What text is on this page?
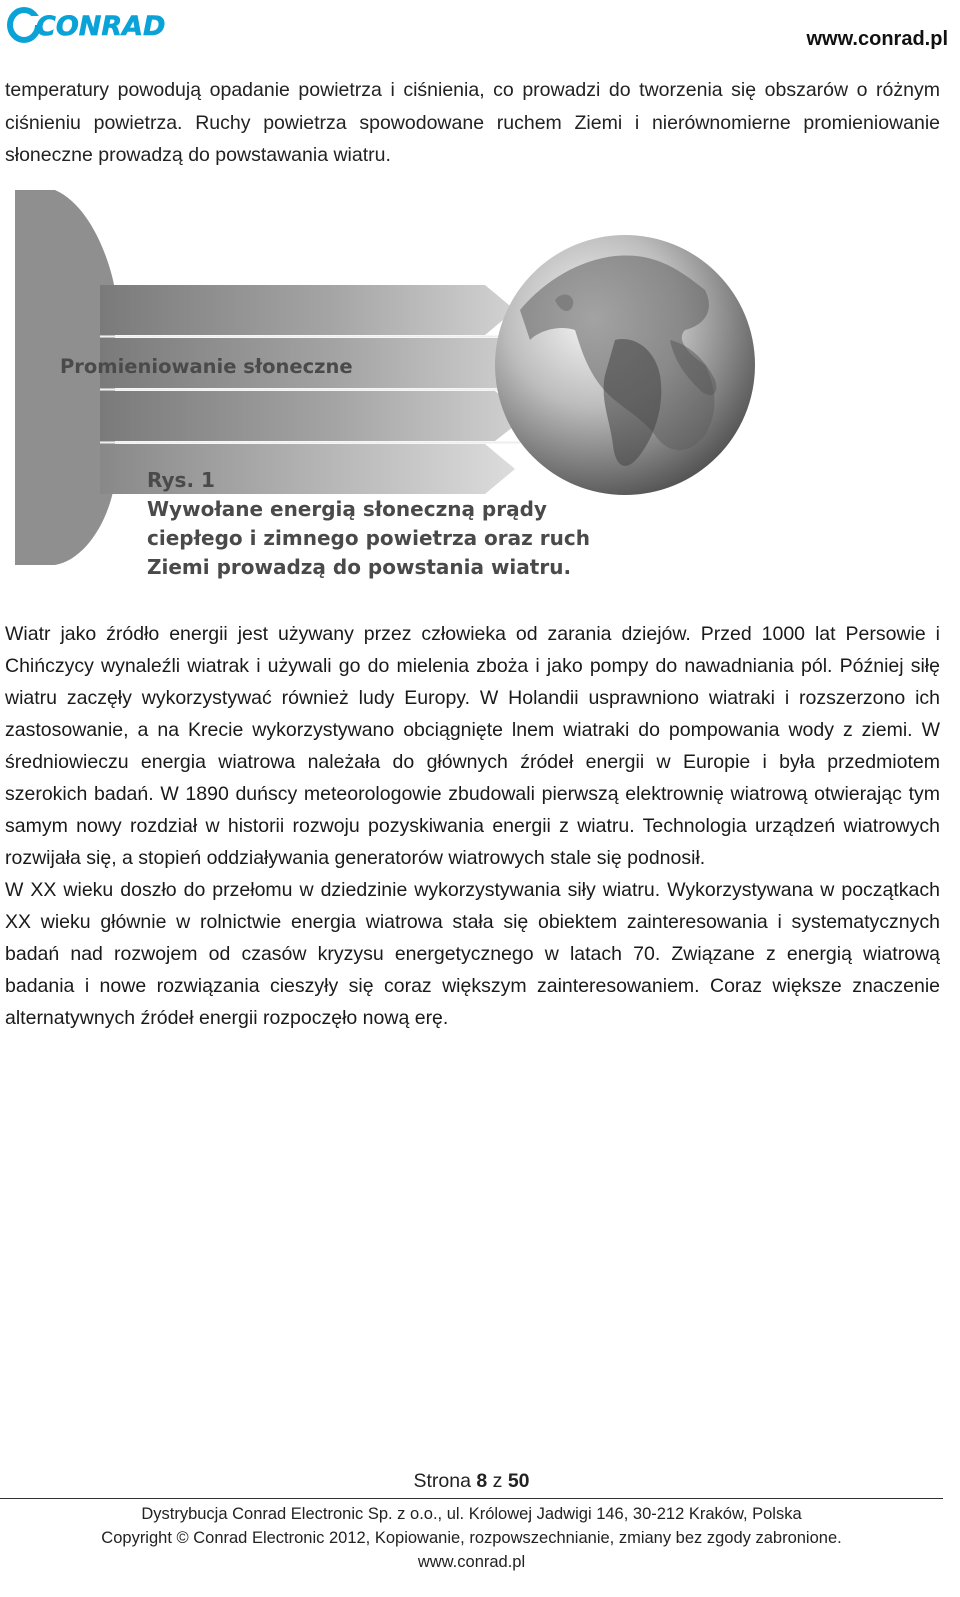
CONRAD	www.conrad.pl
temperatury powodują opadanie powietrza i ciśnienia, co prowadzi do tworzenia się obszarów o różnym ciśnieniu powietrza. Ruchy powietrza spowodowane ruchem Ziemi i nierównomierne promieniowanie słoneczne prowadzą do powstawania wiatru.
Promieniowanie słoneczne
Rys. 1
Wywołane energią słoneczną prądy
ciepłego i zimnego powietrza oraz ruch
Ziemi prowadzą do powstania wiatru.

Wiatr jako źródło energii jest używany przez człowieka od zarania dziejów. Przed 1000 lat Persowie i Chińczycy wynaleźli wiatrak i używali go do mielenia zboża i jako pompy do nawadniania pól. Później siłę wiatru zaczęły wykorzystywać również ludy Europy. W Holandii usprawniono wiatraki i rozszerzono ich zastosowanie, a na Krecie wykorzystywano obciągnięte lnem wiatraki do pompowania wody z ziemi. W średniowieczu energia wiatrowa należała do głównych źródeł energii w Europie i była przedmiotem szerokich badań. W 1890 duńscy meteorologowie zbudowali pierwszą elektrownię wiatrową otwierając tym samym nowy rozdział w historii rozwoju pozyskiwania energii z wiatru. Technologia urządzeń wiatrowych rozwijała się, a stopień oddziaływania generatorów wiatrowych stale się podnosił.

W XX wieku doszło do przełomu w dziedzinie wykorzystywania siły wiatru. Wykorzystywana w początkach XX wieku głównie w rolnictwie energia wiatrowa stała się obiektem zainteresowania i systematycznych badań nad rozwojem od czasów kryzysu energetycznego w latach 70. Związane z energią wiatrową badania i nowe rozwiązania cieszyły się coraz większym zainteresowaniem. Coraz większe znaczenie alternatywnych źródeł energii rozpoczęło nową erę.

Strona 8 z 50
Dystrybucja Conrad Electronic Sp. z o.o., ul. Królowej Jadwigi 146, 30-212 Kraków, Polska
Copyright © Conrad Electronic 2012, Kopiowanie, rozpowszechnianie, zmiany bez zgody zabronione.
www.conrad.pl
